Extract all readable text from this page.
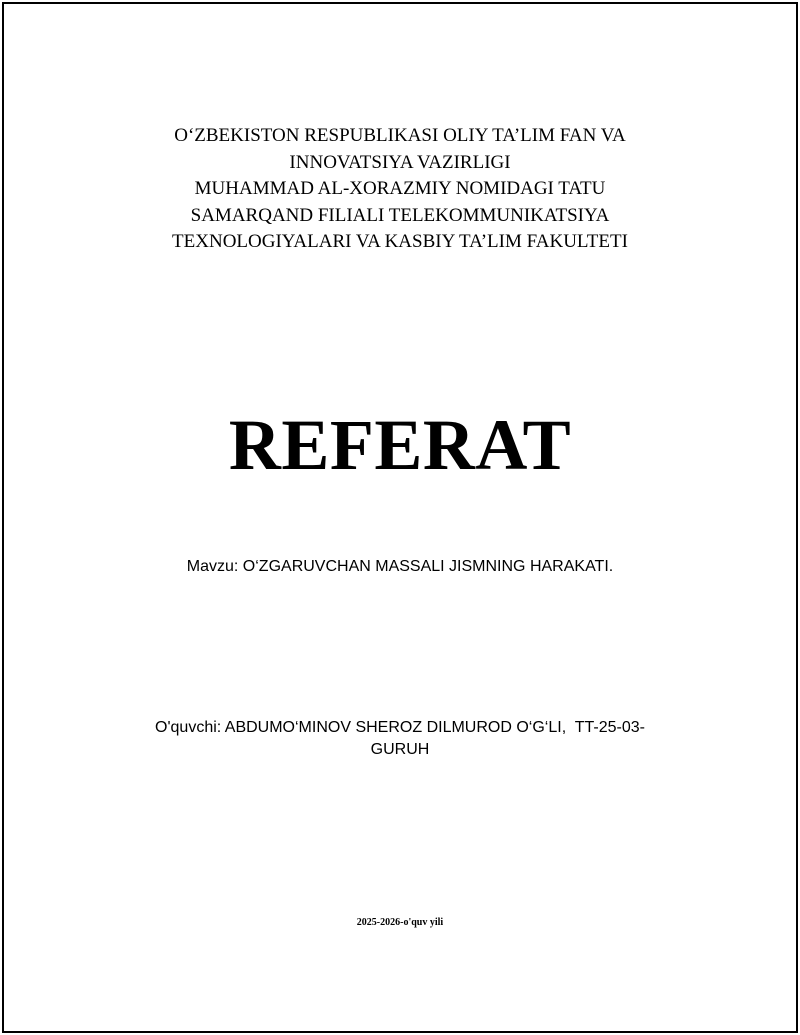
O‘ZBEKISTON RESPUBLIKASI OLIY TA’LIM FAN VA
INNOVATSIYA VAZIRLIGI
MUHAMMAD AL-XORAZMIY NOMIDAGI TATU
SAMARQAND FILIALI TELEKOMMUNIKATSIYA
TEXNOLOGIYALARI VA KASBIY TA’LIM FAKULTETI
REFERAT
Mavzu: O‘ZGARUVCHAN MASSALI JISMNING HARAKATI.
O'quvchi: ABDUMO‘MINOV SHEROZ DILMUROD O‘G‘LI,  TT-25-03-
GURUH
2025-2026-o'quv yili
